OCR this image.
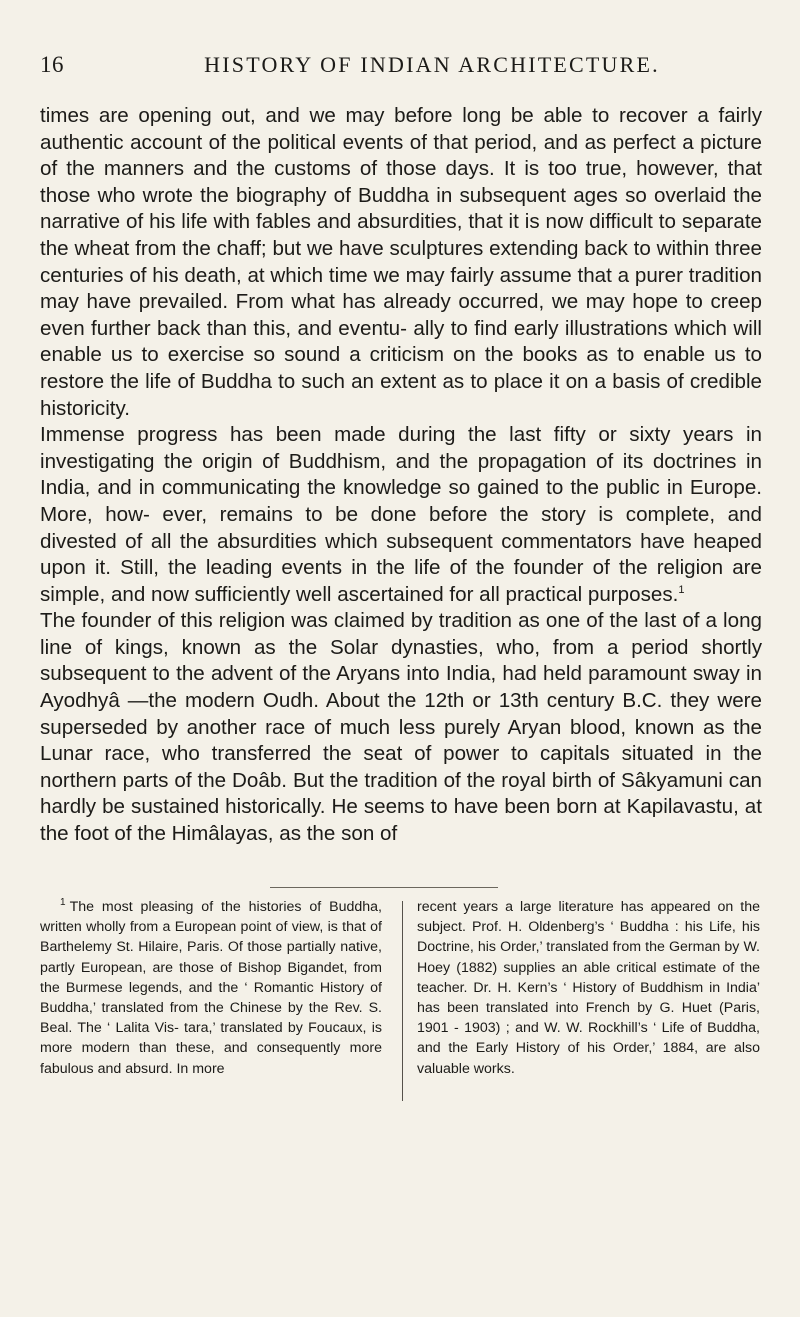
16	HISTORY OF INDIAN ARCHITECTURE.

times are opening out, and we may before long be able to recover a fairly authentic account of the political events of that period, and as perfect a picture of the manners and the customs of those days. It is too true, however, that those who wrote the biography of Buddha in subsequent ages so overlaid the narrative of his life with fables and absurdities, that it is now difficult to separate the wheat from the chaff; but we have sculptures extending back to within three centuries of his death, at which time we may fairly assume that a purer tradition may have prevailed. From what has already occurred, we may hope to creep even further back than this, and eventu- ally to find early illustrations which will enable us to exercise so sound a criticism on the books as to enable us to restore the life of Buddha to such an extent as to place it on a basis of credible historicity.

Immense progress has been made during the last fifty or sixty years in investigating the origin of Buddhism, and the propagation of its doctrines in India, and in communicating the knowledge so gained to the public in Europe. More, how- ever, remains to be done before the story is complete, and divested of all the absurdities which subsequent commentators have heaped upon it. Still, the leading events in the life of the founder of the religion are simple, and now sufficiently well ascertained for all practical purposes.$^1$

The founder of this religion was claimed by tradition as one of the last of a long line of kings, known as the Solar dynasties, who, from a period shortly subsequent to the advent of the Aryans into India, had held paramount sway in Ayodhyâ —the modern Oudh. About the 12th or 13th century B.C. they were superseded by another race of much less purely Aryan blood, known as the Lunar race, who transferred the seat of power to capitals situated in the northern parts of the Doâb. But the tradition of the royal birth of Sâkyamuni can hardly be sustained historically. He seems to have been born at Kapilavastu, at the foot of the Himâlayas, as the son of

$^1$ The most pleasing of the histories of Buddha, written wholly from a European point of view, is that of Barthelemy St. Hilaire, Paris. Of those partially native, partly European, are those of Bishop Bigandet, from the Burmese legends, and the ‘ Romantic History of Buddha,’ translated from the Chinese by the Rev. S. Beal. The ‘ Lalita Vis- tara,’ translated by Foucaux, is more modern than these, and consequently more fabulous and absurd. In more

recent years a large literature has appeared on the subject. Prof. H. Oldenberg’s ‘ Buddha : his Life, his Doctrine, his Order,’ translated from the German by W. Hoey (1882) supplies an able critical estimate of the teacher. Dr. H. Kern’s ‘ History of Buddhism in India’ has been translated into French by G. Huet (Paris, 1901 - 1903) ; and W. W. Rockhill’s ‘ Life of Buddha, and the Early History of his Order,’ 1884, are also valuable works.
